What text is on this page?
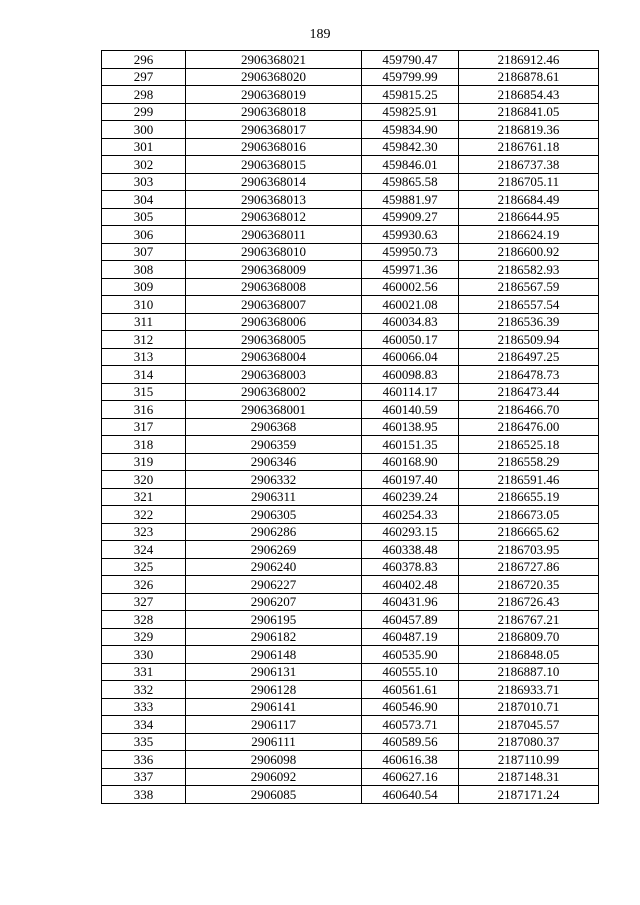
189
296	2906368021	459790.47	2186912.46
297	2906368020	459799.99	2186878.61
298	2906368019	459815.25	2186854.43
299	2906368018	459825.91	2186841.05
300	2906368017	459834.90	2186819.36
301	2906368016	459842.30	2186761.18
302	2906368015	459846.01	2186737.38
303	2906368014	459865.58	2186705.11
304	2906368013	459881.97	2186684.49
305	2906368012	459909.27	2186644.95
306	2906368011	459930.63	2186624.19
307	2906368010	459950.73	2186600.92
308	2906368009	459971.36	2186582.93
309	2906368008	460002.56	2186567.59
310	2906368007	460021.08	2186557.54
311	2906368006	460034.83	2186536.39
312	2906368005	460050.17	2186509.94
313	2906368004	460066.04	2186497.25
314	2906368003	460098.83	2186478.73
315	2906368002	460114.17	2186473.44
316	2906368001	460140.59	2186466.70
317	2906368	460138.95	2186476.00
318	2906359	460151.35	2186525.18
319	2906346	460168.90	2186558.29
320	2906332	460197.40	2186591.46
321	2906311	460239.24	2186655.19
322	2906305	460254.33	2186673.05
323	2906286	460293.15	2186665.62
324	2906269	460338.48	2186703.95
325	2906240	460378.83	2186727.86
326	2906227	460402.48	2186720.35
327	2906207	460431.96	2186726.43
328	2906195	460457.89	2186767.21
329	2906182	460487.19	2186809.70
330	2906148	460535.90	2186848.05
331	2906131	460555.10	2186887.10
332	2906128	460561.61	2186933.71
333	2906141	460546.90	2187010.71
334	2906117	460573.71	2187045.57
335	2906111	460589.56	2187080.37
336	2906098	460616.38	2187110.99
337	2906092	460627.16	2187148.31
338	2906085	460640.54	2187171.24
